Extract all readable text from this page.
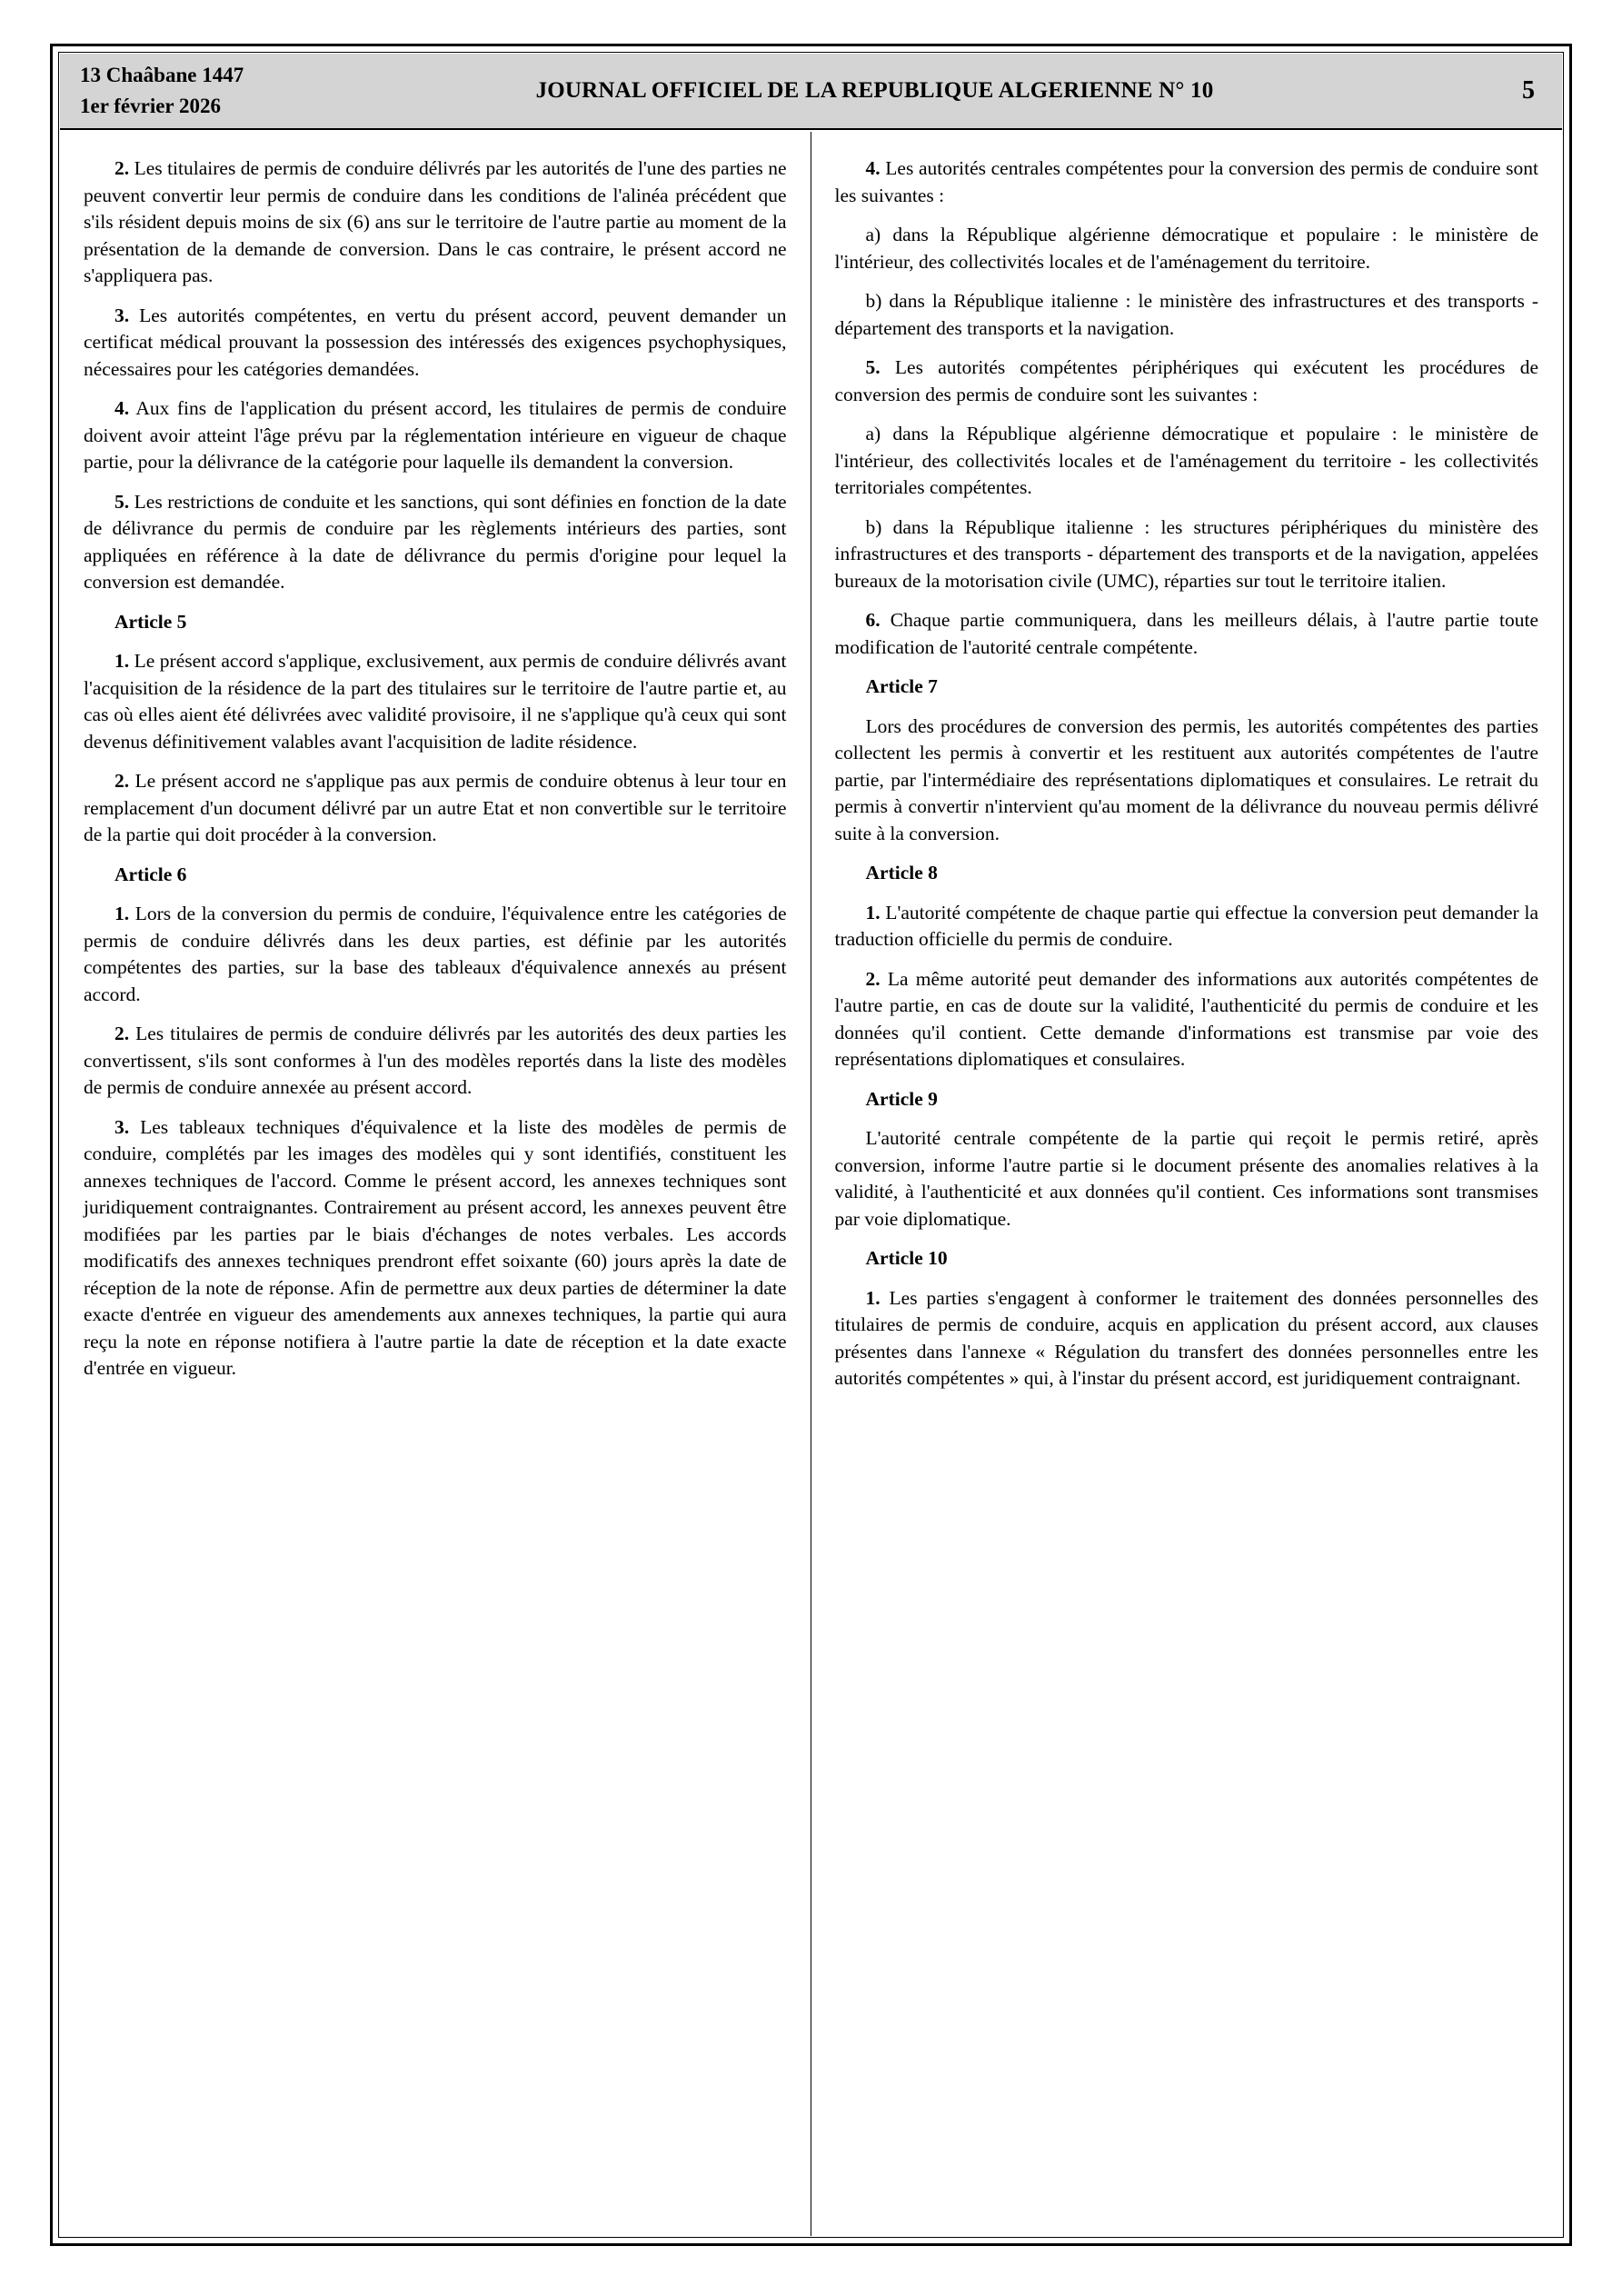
13 Chaâbane 1447
1er février 2026
JOURNAL OFFICIEL DE LA REPUBLIQUE ALGERIENNE N° 10	5

2. Les titulaires de permis de conduire délivrés par les autorités de l'une des parties ne peuvent convertir leur permis de conduire dans les conditions de l'alinéa précédent que s'ils résident depuis moins de six (6) ans sur le territoire de l'autre partie au moment de la présentation de la demande de conversion. Dans le cas contraire, le présent accord ne s'appliquera pas.

3. Les autorités compétentes, en vertu du présent accord, peuvent demander un certificat médical prouvant la possession des intéressés des exigences psychophysiques, nécessaires pour les catégories demandées.

4. Aux fins de l'application du présent accord, les titulaires de permis de conduire doivent avoir atteint l'âge prévu par la réglementation intérieure en vigueur de chaque partie, pour la délivrance de la catégorie pour laquelle ils demandent la conversion.

5. Les restrictions de conduite et les sanctions, qui sont définies en fonction de la date de délivrance du permis de conduire par les règlements intérieurs des parties, sont appliquées en référence à la date de délivrance du permis d'origine pour lequel la conversion est demandée.

Article 5

1. Le présent accord s'applique, exclusivement, aux permis de conduire délivrés avant l'acquisition de la résidence de la part des titulaires sur le territoire de l'autre partie et, au cas où elles aient été délivrées avec validité provisoire, il ne s'applique qu'à ceux qui sont devenus définitivement valables avant l'acquisition de ladite résidence.

2. Le présent accord ne s'applique pas aux permis de conduire obtenus à leur tour en remplacement d'un document délivré par un autre Etat et non convertible sur le territoire de la partie qui doit procéder à la conversion.

Article 6

1. Lors de la conversion du permis de conduire, l'équivalence entre les catégories de permis de conduire délivrés dans les deux parties, est définie par les autorités compétentes des parties, sur la base des tableaux d'équivalence annexés au présent accord.

2. Les titulaires de permis de conduire délivrés par les autorités des deux parties les convertissent, s'ils sont conformes à l'un des modèles reportés dans la liste des modèles de permis de conduire annexée au présent accord.

3. Les tableaux techniques d'équivalence et la liste des modèles de permis de conduire, complétés par les images des modèles qui y sont identifiés, constituent les annexes techniques de l'accord. Comme le présent accord, les annexes techniques sont juridiquement contraignantes. Contrairement au présent accord, les annexes peuvent être modifiées par les parties par le biais d'échanges de notes verbales. Les accords modificatifs des annexes techniques prendront effet soixante (60) jours après la date de réception de la note de réponse. Afin de permettre aux deux parties de déterminer la date exacte d'entrée en vigueur des amendements aux annexes techniques, la partie qui aura reçu la note en réponse notifiera à l'autre partie la date de réception et la date exacte d'entrée en vigueur.

4. Les autorités centrales compétentes pour la conversion des permis de conduire sont les suivantes :

a) dans la République algérienne démocratique et populaire : le ministère de l'intérieur, des collectivités locales et de l'aménagement du territoire.

b) dans la République italienne : le ministère des infrastructures et des transports - département des transports et la navigation.

5. Les autorités compétentes périphériques qui exécutent les procédures de conversion des permis de conduire sont les suivantes :

a) dans la République algérienne démocratique et populaire : le ministère de l'intérieur, des collectivités locales et de l'aménagement du territoire - les collectivités territoriales compétentes.

b) dans la République italienne : les structures périphériques du ministère des infrastructures et des transports - département des transports et de la navigation, appelées bureaux de la motorisation civile (UMC), réparties sur tout le territoire italien.

6. Chaque partie communiquera, dans les meilleurs délais, à l'autre partie toute modification de l'autorité centrale compétente.

Article 7

Lors des procédures de conversion des permis, les autorités compétentes des parties collectent les permis à convertir et les restituent aux autorités compétentes de l'autre partie, par l'intermédiaire des représentations diplomatiques et consulaires. Le retrait du permis à convertir n'intervient qu'au moment de la délivrance du nouveau permis délivré suite à la conversion.

Article 8

1. L'autorité compétente de chaque partie qui effectue la conversion peut demander la traduction officielle du permis de conduire.

2. La même autorité peut demander des informations aux autorités compétentes de l'autre partie, en cas de doute sur la validité, l'authenticité du permis de conduire et les données qu'il contient. Cette demande d'informations est transmise par voie des représentations diplomatiques et consulaires.

Article 9

L'autorité centrale compétente de la partie qui reçoit le permis retiré, après conversion, informe l'autre partie si le document présente des anomalies relatives à la validité, à l'authenticité et aux données qu'il contient. Ces informations sont transmises par voie diplomatique.

Article 10

1. Les parties s'engagent à conformer le traitement des données personnelles des titulaires de permis de conduire, acquis en application du présent accord, aux clauses présentes dans l'annexe « Régulation du transfert des données personnelles entre les autorités compétentes » qui, à l'instar du présent accord, est juridiquement contraignant.
